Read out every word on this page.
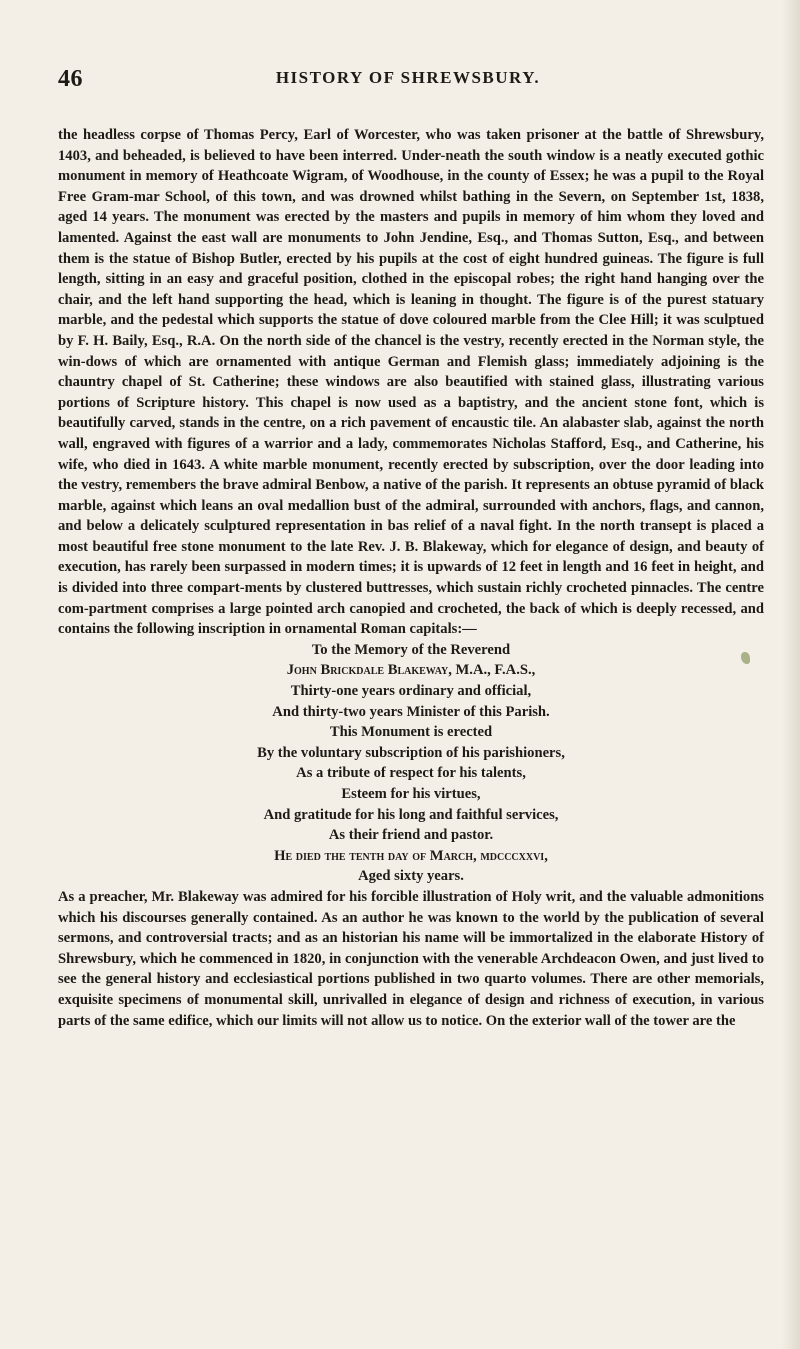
46	HISTORY OF SHREWSBURY.

the headless corpse of Thomas Percy, Earl of Worcester, who was taken prisoner at the battle of Shrewsbury, 1403, and beheaded, is believed to have been interred. Under-neath the south window is a neatly executed gothic monument in memory of Heathcoate Wigram, of Woodhouse, in the county of Essex; he was a pupil to the Royal Free Gram-mar School, of this town, and was drowned whilst bathing in the Severn, on September 1st, 1838, aged 14 years. The monument was erected by the masters and pupils in memory of him whom they loved and lamented. Against the east wall are monuments to John Jendine, Esq., and Thomas Sutton, Esq., and between them is the statue of Bishop Butler, erected by his pupils at the cost of eight hundred guineas. The figure is full length, sitting in an easy and graceful position, clothed in the episcopal robes; the right hand hanging over the chair, and the left hand supporting the head, which is leaning in thought. The figure is of the purest statuary marble, and the pedestal which supports the statue of dove coloured marble from the Clee Hill; it was sculptued by F. H. Baily, Esq., R.A. On the north side of the chancel is the vestry, recently erected in the Norman style, the win-dows of which are ornamented with antique German and Flemish glass; immediately adjoining is the chauntry chapel of St. Catherine; these windows are also beautified with stained glass, illustrating various portions of Scripture history. This chapel is now used as a baptistry, and the ancient stone font, which is beautifully carved, stands in the centre, on a rich pavement of encaustic tile. An alabaster slab, against the north wall, engraved with figures of a warrior and a lady, commemorates Nicholas Stafford, Esq., and Catherine, his wife, who died in 1643. A white marble monument, recently erected by subscription, over the door leading into the vestry, remembers the brave admiral Benbow, a native of the parish. It represents an obtuse pyramid of black marble, against which leans an oval medallion bust of the admiral, surrounded with anchors, flags, and cannon, and below a delicately sculptured representation in bas relief of a naval fight. In the north transept is placed a most beautiful free stone monument to the late Rev. J. B. Blakeway, which for elegance of design, and beauty of execution, has rarely been surpassed in modern times; it is upwards of 12 feet in length and 16 feet in height, and is divided into three compart-ments by clustered buttresses, which sustain richly crocheted pinnacles. The centre com-partment comprises a large pointed arch canopied and crocheted, the back of which is deeply recessed, and contains the following inscription in ornamental Roman capitals:—

To the Memory of the Reverend
John Brickdale Blakeway, M.A., F.A.S.,
Thirty-one years ordinary and official,
And thirty-two years Minister of this Parish.
This Monument is erected
By the voluntary subscription of his parishioners,
As a tribute of respect for his talents,
Esteem for his virtues,
And gratitude for his long and faithful services,
As their friend and pastor.
He died the tenth day of March, mdcccxxvi,
Aged sixty years.

As a preacher, Mr. Blakeway was admired for his forcible illustration of Holy writ, and the valuable admonitions which his discourses generally contained. As an author he was known to the world by the publication of several sermons, and controversial tracts; and as an historian his name will be immortalized in the elaborate History of Shrewsbury, which he commenced in 1820, in conjunction with the venerable Archdeacon Owen, and just lived to see the general history and ecclesiastical portions published in two quarto volumes. There are other memorials, exquisite specimens of monumental skill, unrivalled in elegance of design and richness of execution, in various parts of the same edifice, which our limits will not allow us to notice. On the exterior wall of the tower are the
